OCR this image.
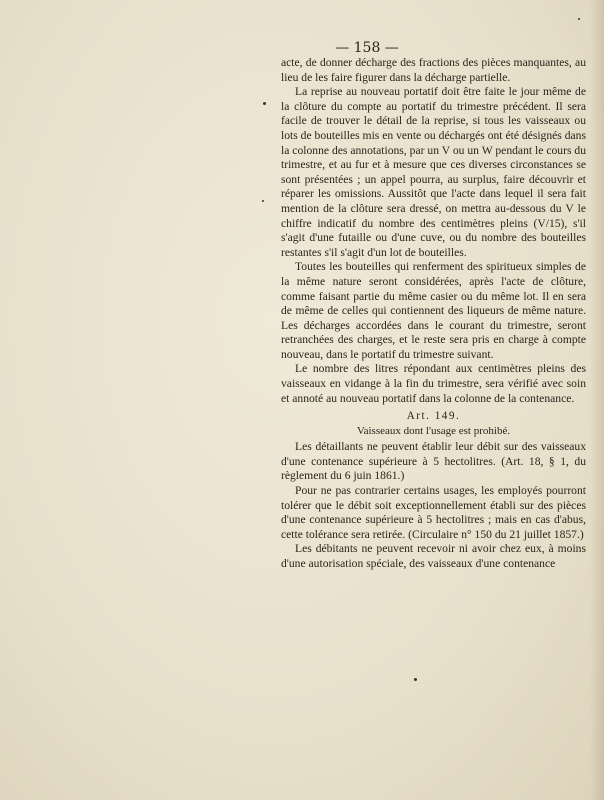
— 158 —

acte, de donner décharge des fractions des pièces manquantes, au lieu de les faire figurer dans la décharge partielle.

La reprise au nouveau portatif doit être faite le jour même de la clôture du compte au portatif du trimestre précédent. Il sera facile de trouver le détail de la reprise, si tous les vaisseaux ou lots de bouteilles mis en vente ou déchargés ont été désignés dans la colonne des annotations, par un V ou un W pendant le cours du trimestre, et au fur et à mesure que ces diverses circonstances se sont présentées ; un appel pourra, au surplus, faire découvrir et réparer les omissions. Aussitôt que l'acte dans lequel il sera fait mention de la clôture sera dressé, on mettra au-dessous du V le chiffre indicatif du nombre des centimètres pleins (V/15), s'il s'agit d'une futaille ou d'une cuve, ou du nombre des bouteilles restantes s'il s'agit d'un lot de bouteilles.

Toutes les bouteilles qui renferment des spiritueux simples de la même nature seront considérées, après l'acte de clôture, comme faisant partie du même casier ou du même lot. Il en sera de même de celles qui contiennent des liqueurs de même nature. Les décharges accordées dans le courant du trimestre, seront retranchées des charges, et le reste sera pris en charge à compte nouveau, dans le portatif du trimestre suivant.

Le nombre des litres répondant aux centimètres pleins des vaisseaux en vidange à la fin du trimestre, sera vérifié avec soin et annoté au nouveau portatif dans la colonne de la contenance.

Art. 149.
Vaisseaux dont l'usage est prohibé.

Les détaillants ne peuvent établir leur débit sur des vaisseaux d'une contenance supérieure à 5 hectolitres. (Art. 18, § 1, du règlement du 6 juin 1861.)

Pour ne pas contrarier certains usages, les employés pourront tolérer que le débit soit exceptionnellement établi sur des pièces d'une contenance supérieure à 5 hectolitres ; mais en cas d'abus, cette tolérance sera retirée. (Circulaire n° 150 du 21 juillet 1857.)

Les débitants ne peuvent recevoir ni avoir chez eux, à moins d'une autorisation spéciale, des vaisseaux d'une contenance
